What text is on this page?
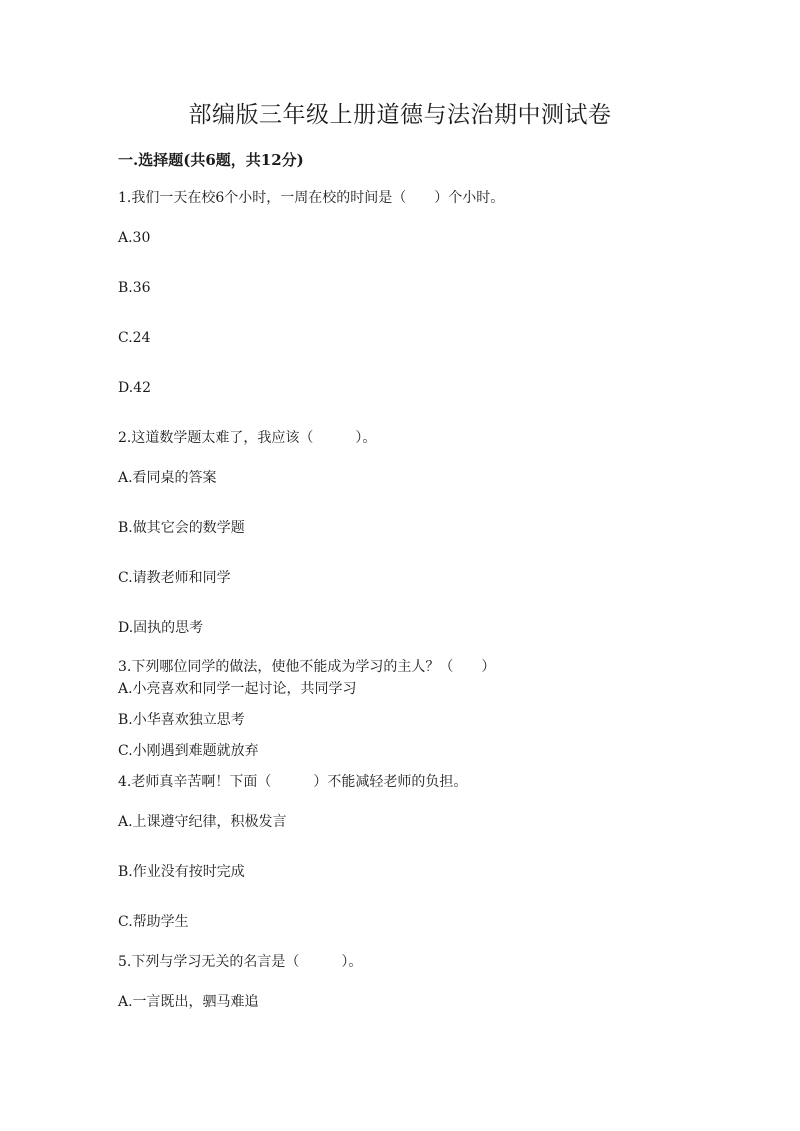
部编版三年级上册道德与法治期中测试卷
一.选择题(共6题，共12分)

1.我们一天在校6个小时，一周在校的时间是（　　）个小时。

A.30

B.36

C.24

D.42

2.这道数学题太难了，我应该（　　　）。

A.看同桌的答案

B.做其它会的数学题

C.请教老师和同学

D.固执的思考

3.下列哪位同学的做法，使他不能成为学习的主人？（　　）

A.小亮喜欢和同学一起讨论，共同学习

B.小华喜欢独立思考

C.小刚遇到难题就放弃

4.老师真辛苦啊！下面（　　　）不能减轻老师的负担。

A.上课遵守纪律，积极发言

B.作业没有按时完成

C.帮助学生

5.下列与学习无关的名言是（　　　）。

A.一言既出，驷马难追
